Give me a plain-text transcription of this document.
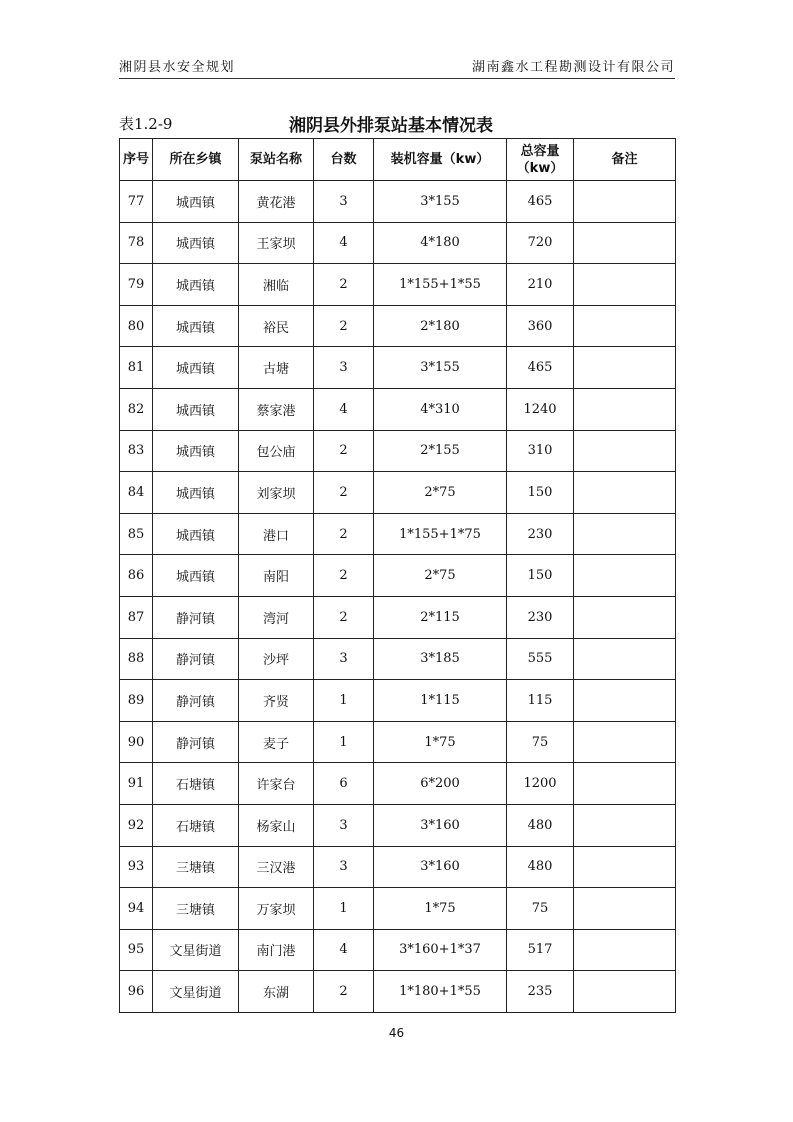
湘阴县水安全规划	湖南鑫水工程勘测设计有限公司
表1.2-9	湘阴县外排泵站基本情况表
序号	所在乡镇	泵站名称	台数	装机容量（kw）	总容量（kw）	备注
77	城西镇	黄花港	3	3*155	465	
78	城西镇	王家坝	4	4*180	720	
79	城西镇	湘临	2	1*155+1*55	210	
80	城西镇	裕民	2	2*180	360	
81	城西镇	古塘	3	3*155	465	
82	城西镇	蔡家港	4	4*310	1240	
83	城西镇	包公庙	2	2*155	310	
84	城西镇	刘家坝	2	2*75	150	
85	城西镇	港口	2	1*155+1*75	230	
86	城西镇	南阳	2	2*75	150	
87	静河镇	湾河	2	2*115	230	
88	静河镇	沙坪	3	3*185	555	
89	静河镇	齐贤	1	1*115	115	
90	静河镇	麦子	1	1*75	75	
91	石塘镇	许家台	6	6*200	1200	
92	石塘镇	杨家山	3	3*160	480	
93	三塘镇	三汉港	3	3*160	480	
94	三塘镇	万家坝	1	1*75	75	
95	文星街道	南门港	4	3*160+1*37	517	
96	文星街道	东湖	2	1*180+1*55	235	
46
